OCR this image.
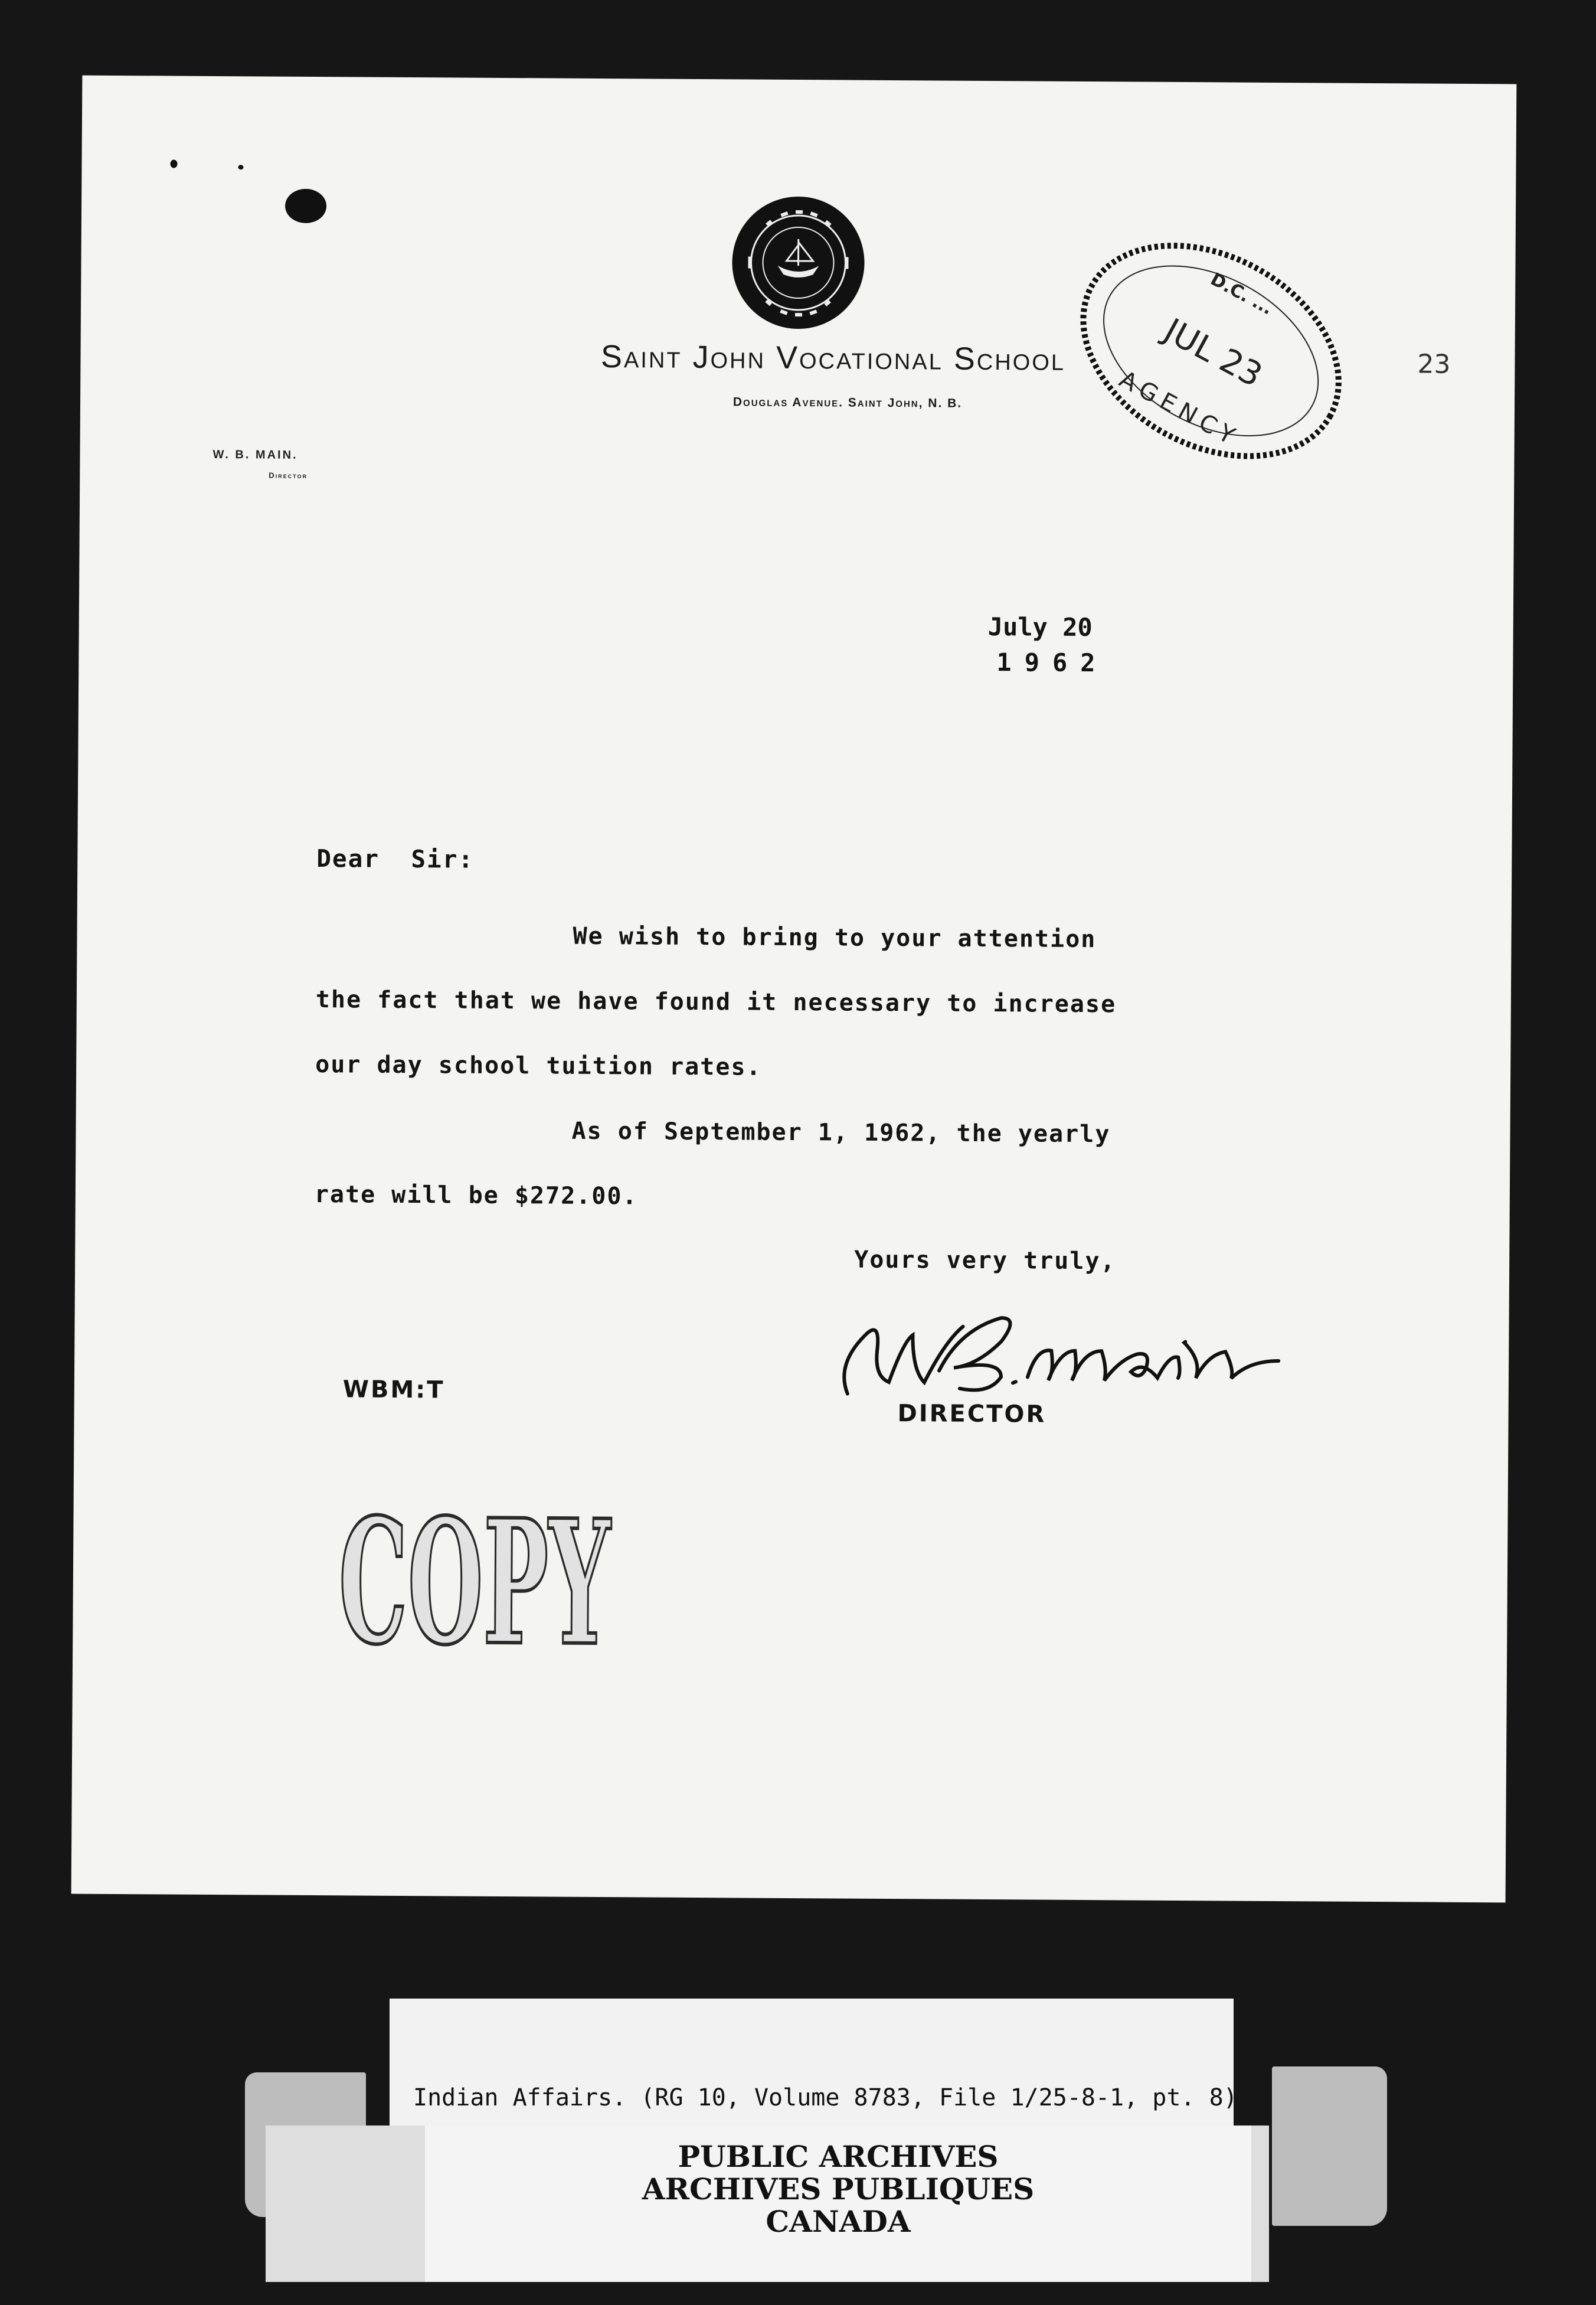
Saint John Vocational School
Douglas Avenue. Saint John, N. B.
W. B. MAIN.
Director
JUL 23
D.C. ...
AGENCY
23
July 20
1962
Dear  Sir:
We wish to bring to your attention
the fact that we have found it necessary to increase
our day school tuition rates.
As of September 1, 1962, the yearly
rate will be $272.00.
Yours very truly,
DIRECTOR
WBM:T
COPY
Indian Affairs. (RG 10, Volume 8783, File 1/25-8-1, pt. 8)
PUBLIC ARCHIVES
ARCHIVES PUBLIQUES
CANADA
